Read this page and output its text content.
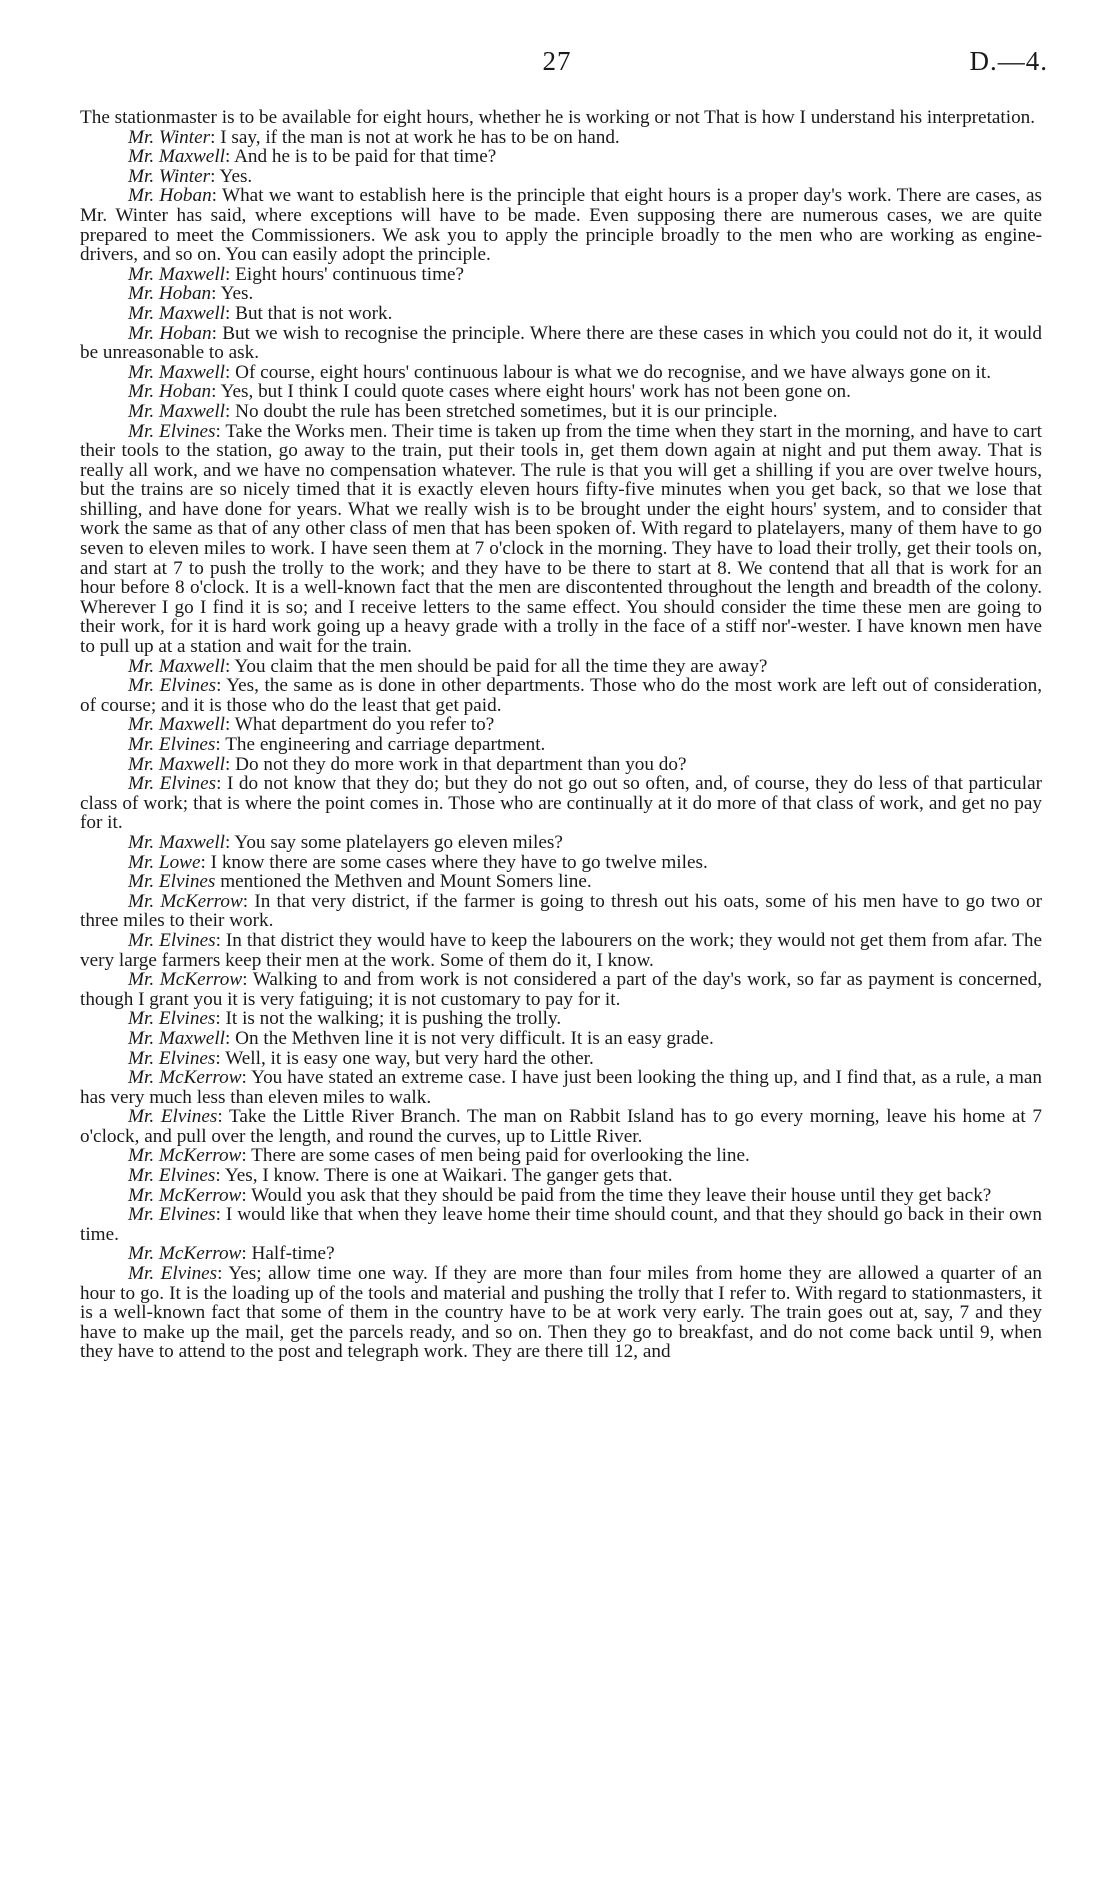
27	D.—4.

The stationmaster is to be available for eight hours, whether he is working or not That is how I understand his interpretation.

Mr. Winter: I say, if the man is not at work he has to be on hand.

Mr. Maxwell: And he is to be paid for that time?

Mr. Winter: Yes.

Mr. Hoban: What we want to establish here is the principle that eight hours is a proper day's work. There are cases, as Mr. Winter has said, where exceptions will have to be made. Even supposing there are numerous cases, we are quite prepared to meet the Commissioners. We ask you to apply the principle broadly to the men who are working as engine-drivers, and so on. You can easily adopt the principle.

Mr. Maxwell: Eight hours' continuous time?

Mr. Hoban: Yes.

Mr. Maxwell: But that is not work.

Mr. Hoban: But we wish to recognise the principle. Where there are these cases in which you could not do it, it would be unreasonable to ask.

Mr. Maxwell: Of course, eight hours' continuous labour is what we do recognise, and we have always gone on it.

Mr. Hoban: Yes, but I think I could quote cases where eight hours' work has not been gone on.

Mr. Maxwell: No doubt the rule has been stretched sometimes, but it is our principle.

Mr. Elvines: Take the Works men. Their time is taken up from the time when they start in the morning, and have to cart their tools to the station, go away to the train, put their tools in, get them down again at night and put them away. That is really all work, and we have no compensation whatever. The rule is that you will get a shilling if you are over twelve hours, but the trains are so nicely timed that it is exactly eleven hours fifty-five minutes when you get back, so that we lose that shilling, and have done for years. What we really wish is to be brought under the eight hours' system, and to consider that work the same as that of any other class of men that has been spoken of. With regard to platelayers, many of them have to go seven to eleven miles to work. I have seen them at 7 o'clock in the morning. They have to load their trolly, get their tools on, and start at 7 to push the trolly to the work; and they have to be there to start at 8. We contend that all that is work for an hour before 8 o'clock. It is a well-known fact that the men are discontented throughout the length and breadth of the colony. Wherever I go I find it is so; and I receive letters to the same effect. You should consider the time these men are going to their work, for it is hard work going up a heavy grade with a trolly in the face of a stiff nor'-wester. I have known men have to pull up at a station and wait for the train.

Mr. Maxwell: You claim that the men should be paid for all the time they are away?

Mr. Elvines: Yes, the same as is done in other departments. Those who do the most work are left out of consideration, of course; and it is those who do the least that get paid.

Mr. Maxwell: What department do you refer to?

Mr. Elvines: The engineering and carriage department.

Mr. Maxwell: Do not they do more work in that department than you do?

Mr. Elvines: I do not know that they do; but they do not go out so often, and, of course, they do less of that particular class of work; that is where the point comes in. Those who are continually at it do more of that class of work, and get no pay for it.

Mr. Maxwell: You say some platelayers go eleven miles?

Mr. Lowe: I know there are some cases where they have to go twelve miles.

Mr. Elvines mentioned the Methven and Mount Somers line.

Mr. McKerrow: In that very district, if the farmer is going to thresh out his oats, some of his men have to go two or three miles to their work.

Mr. Elvines: In that district they would have to keep the labourers on the work; they would not get them from afar. The very large farmers keep their men at the work. Some of them do it, I know.

Mr. McKerrow: Walking to and from work is not considered a part of the day's work, so far as payment is concerned, though I grant you it is very fatiguing; it is not customary to pay for it.

Mr. Elvines: It is not the walking; it is pushing the trolly.

Mr. Maxwell: On the Methven line it is not very difficult. It is an easy grade.

Mr. Elvines: Well, it is easy one way, but very hard the other.

Mr. McKerrow: You have stated an extreme case. I have just been looking the thing up, and I find that, as a rule, a man has very much less than eleven miles to walk.

Mr. Elvines: Take the Little River Branch. The man on Rabbit Island has to go every morning, leave his home at 7 o'clock, and pull over the length, and round the curves, up to Little River.

Mr. McKerrow: There are some cases of men being paid for overlooking the line.

Mr. Elvines: Yes, I know. There is one at Waikari. The ganger gets that.

Mr. McKerrow: Would you ask that they should be paid from the time they leave their house until they get back?

Mr. Elvines: I would like that when they leave home their time should count, and that they should go back in their own time.

Mr. McKerrow: Half-time?

Mr. Elvines: Yes; allow time one way. If they are more than four miles from home they are allowed a quarter of an hour to go. It is the loading up of the tools and material and pushing the trolly that I refer to. With regard to stationmasters, it is a well-known fact that some of them in the country have to be at work very early. The train goes out at, say, 7 and they have to make up the mail, get the parcels ready, and so on. Then they go to breakfast, and do not come back until 9, when they have to attend to the post and telegraph work. They are there till 12, and
